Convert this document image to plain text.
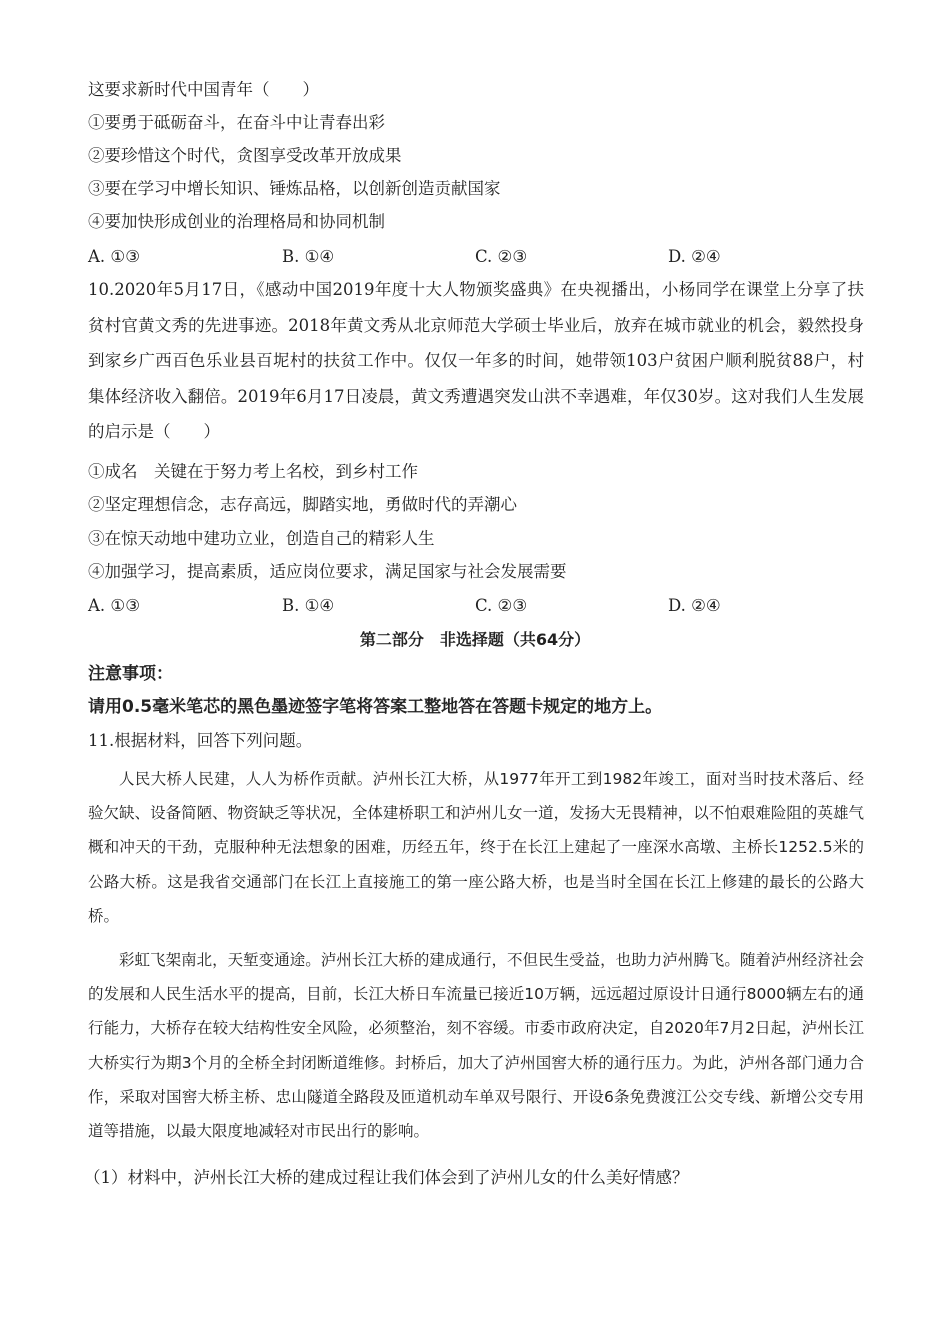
这要求新时代中国青年（　　）
①要勇于砥砺奋斗，在奋斗中让青春出彩
②要珍惜这个时代，贪图享受改革开放成果
③要在学习中增长知识、锤炼品格，以创新创造贡献国家
④要加快形成创业的治理格局和协同机制
A. ①③	B. ①④	C. ②③	D. ②④
10.2020年5月17日，《感动中国2019年度十大人物颁奖盛典》在央视播出，小杨同学在课堂上分享了扶贫村官黄文秀的先进事迹。2018年黄文秀从北京师范大学硕士毕业后，放弃在城市就业的机会，毅然投身到家乡广西百色乐业县百坭村的扶贫工作中。仅仅一年多的时间，她带领103户贫困户顺利脱贫88户，村集体经济收入翻倍。2019年6月17日凌晨，黄文秀遭遇突发山洪不幸遇难，年仅30岁。这对我们人生发展的启示是（　　）
①成名　关键在于努力考上名校，到乡村工作
②坚定理想信念，志存高远，脚踏实地，勇做时代的弄潮心
③在惊天动地中建功立业，创造自己的精彩人生
④加强学习，提高素质，适应岗位要求，满足国家与社会发展需要
A. ①③	B. ①④	C. ②③	D. ②④
第二部分　非选择题（共64分）
注意事项：
请用0.5毫米笔芯的黑色墨迹签字笔将答案工整地答在答题卡规定的地方上。
11.根据材料，回答下列问题。
人民大桥人民建，人人为桥作贡献。泸州长江大桥，从1977年开工到1982年竣工，面对当时技术落后、经验欠缺、设备简陋、物资缺乏等状况，全体建桥职工和泸州儿女一道，发扬大无畏精神，以不怕艰难险阻的英雄气概和冲天的干劲，克服种种无法想象的困难，历经五年，终于在长江上建起了一座深水高墩、主桥长1252.5米的公路大桥。这是我省交通部门在长江上直接施工的第一座公路大桥，也是当时全国在长江上修建的最长的公路大桥。
彩虹飞架南北，天堑变通途。泸州长江大桥的建成通行，不但民生受益，也助力泸州腾飞。随着泸州经济社会的发展和人民生活水平的提高，目前，长江大桥日车流量已接近10万辆，远远超过原设计日通行8000辆左右的通行能力，大桥存在较大结构性安全风险，必须整治，刻不容缓。市委市政府决定，自2020年7月2日起，泸州长江大桥实行为期3个月的全桥全封闭断道维修。封桥后，加大了泸州国窖大桥的通行压力。为此，泸州各部门通力合作，采取对国窖大桥主桥、忠山隧道全路段及匝道机动车单双号限行、开设6条免费渡江公交专线、新增公交专用道等措施，以最大限度地减轻对市民出行的影响。
（1）材料中，泸州长江大桥的建成过程让我们体会到了泸州儿女的什么美好情感？
